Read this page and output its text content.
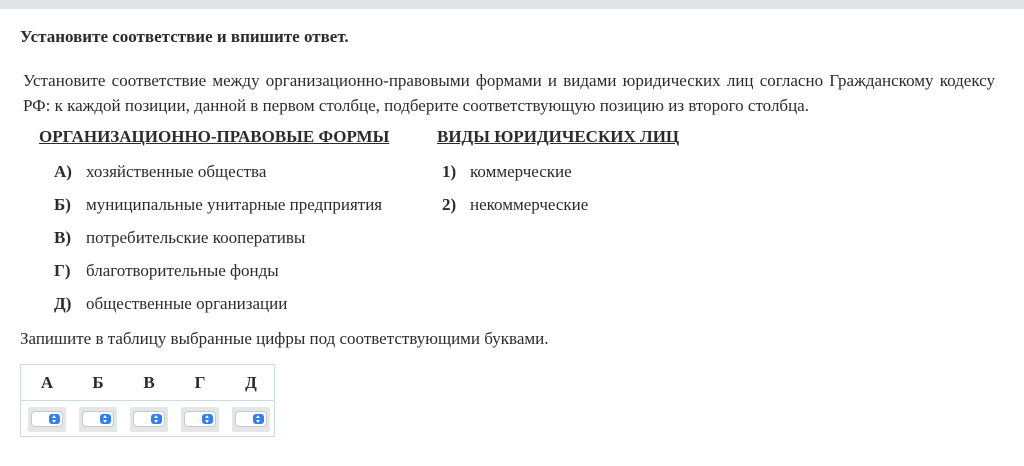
Установите соответствие и впишите ответ.
Установите соответствие между организационно-правовыми формами и видами юридических лиц согласно Гражданскому кодексу РФ: к каждой позиции, данной в первом столбце, подберите соответствующую позицию из второго столбца.
ОРГАНИЗАЦИОННО-ПРАВОВЫЕ ФОРМЫ	ВИДЫ ЮРИДИЧЕСКИХ ЛИЦ
А) хозяйственные общества
Б) муниципальные унитарные предприятия
В) потребительские кооперативы
Г) благотворительные фонды
Д) общественные организации
1) коммерческие
2) некоммерческие
Запишите в таблицу выбранные цифры под соответствующими буквами.
А	Б	В	Г	Д
